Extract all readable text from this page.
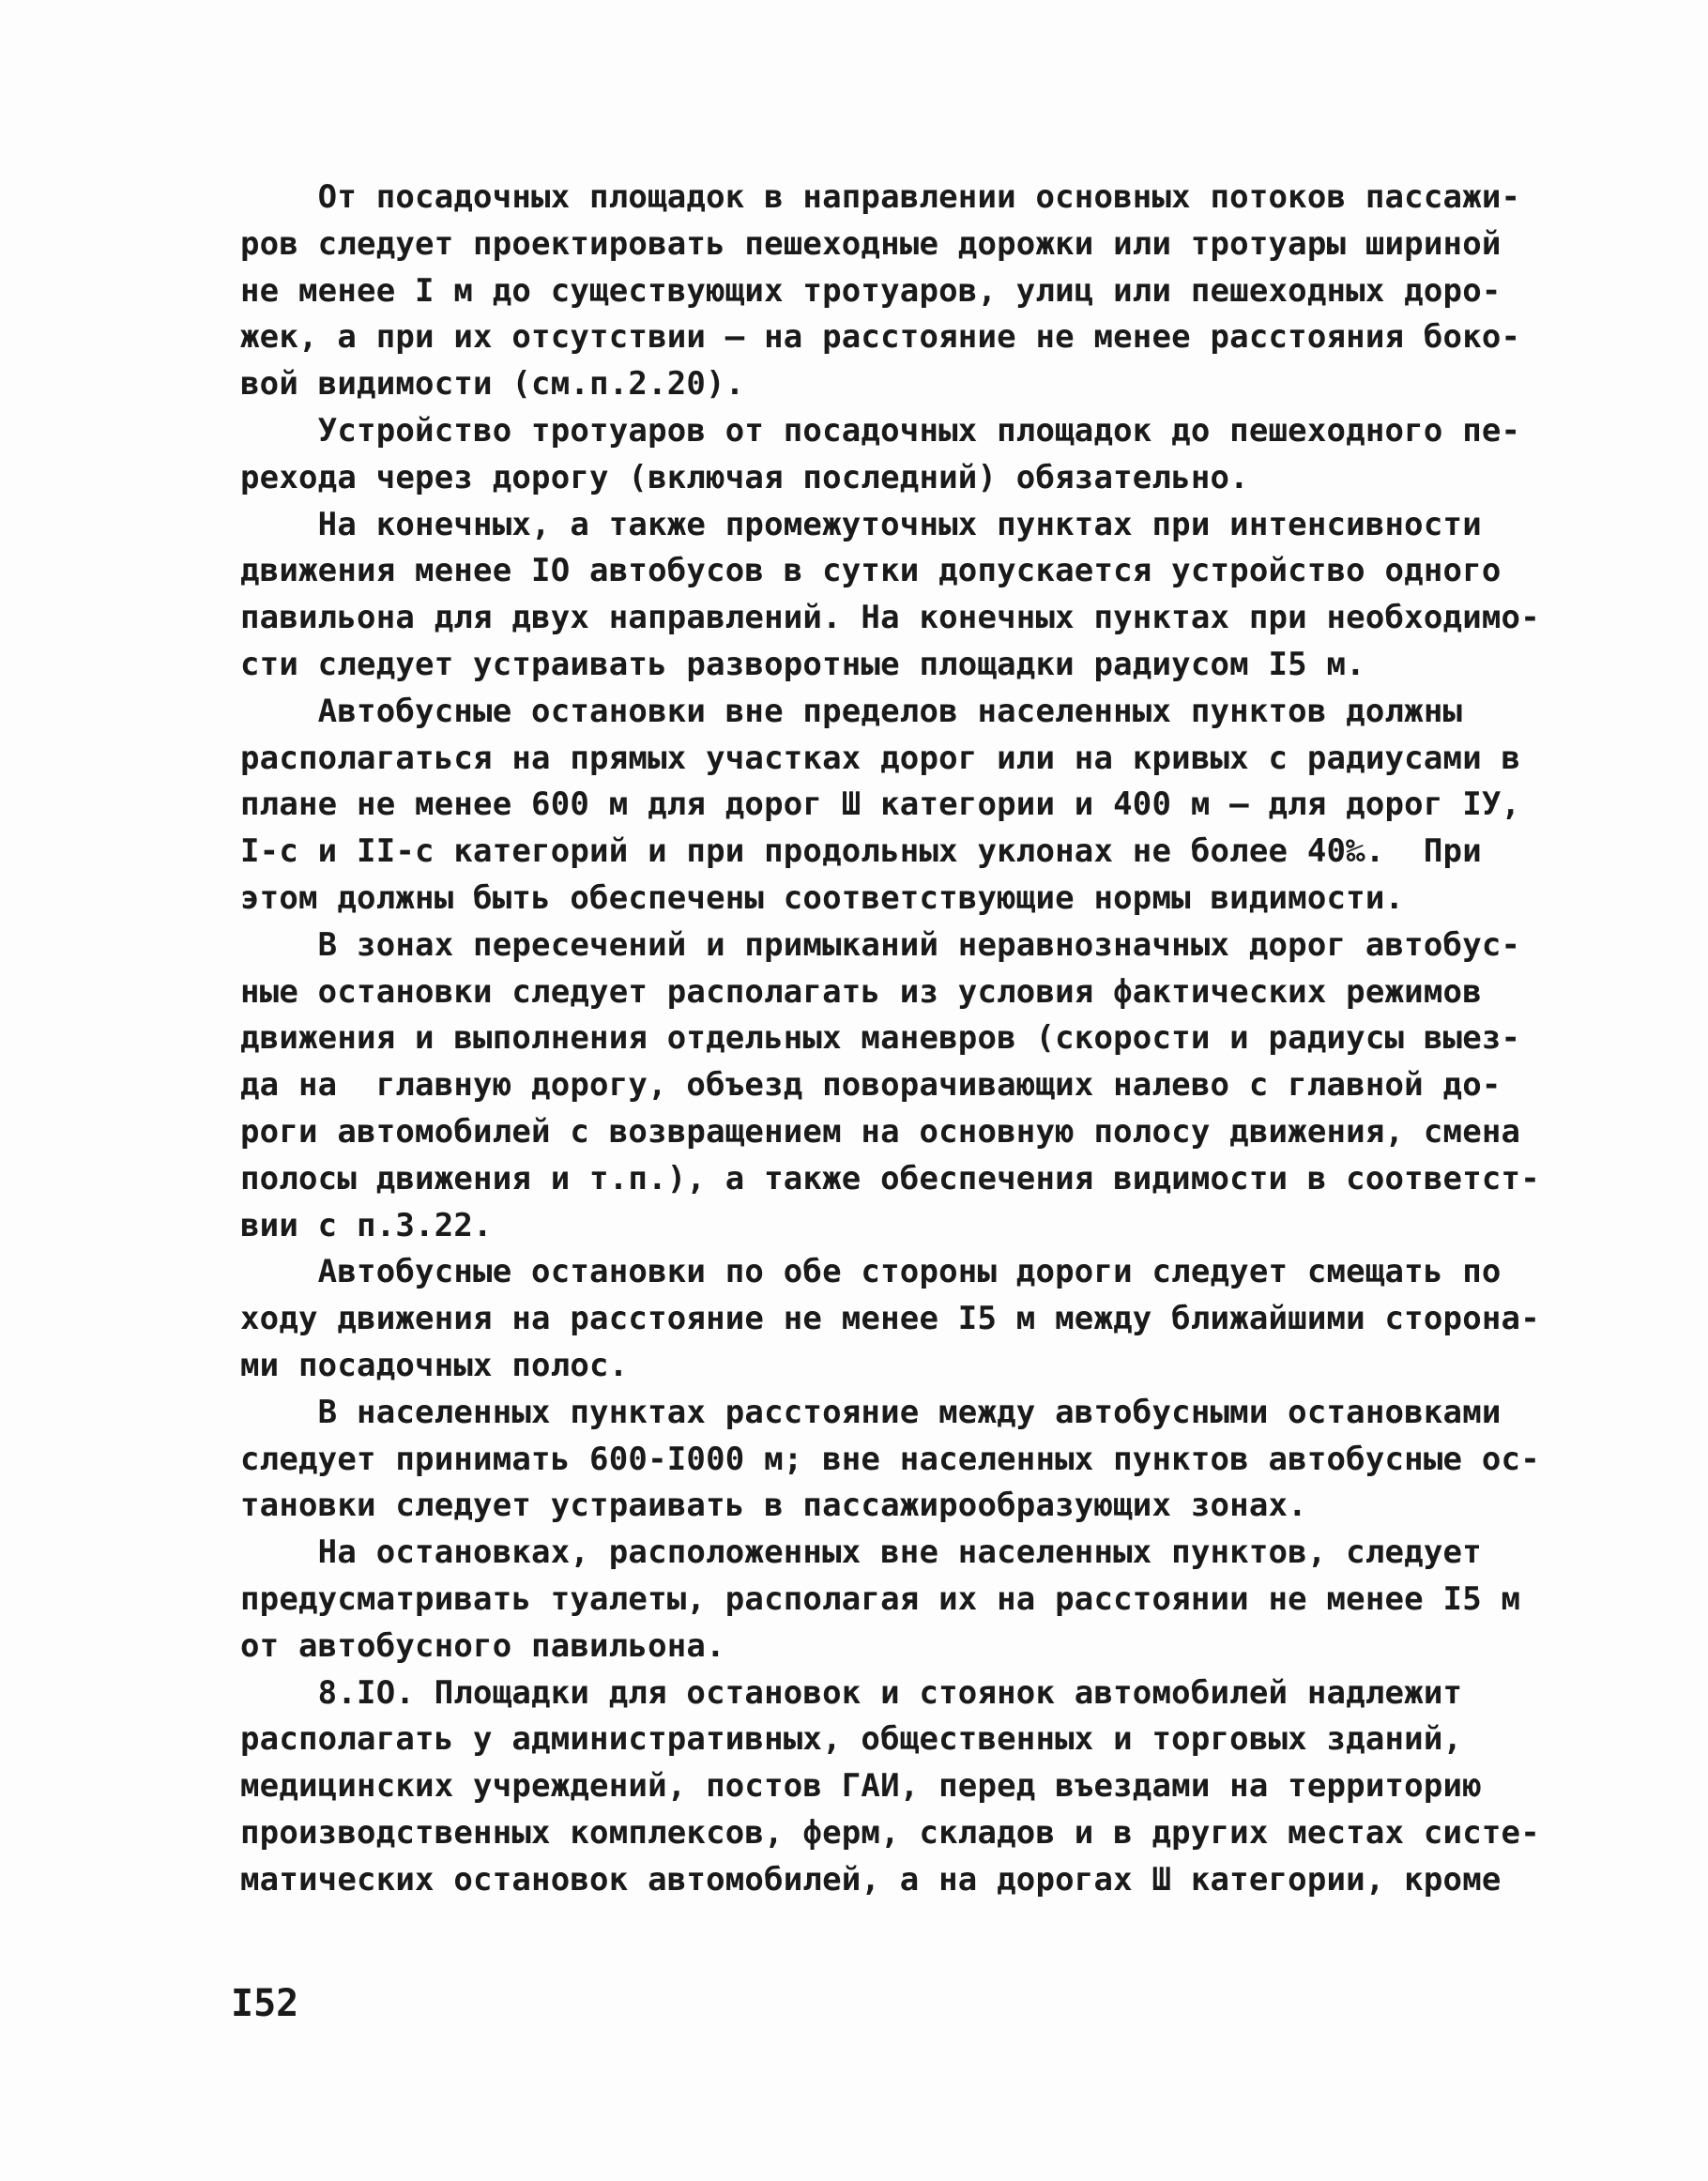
От посадочных площадок в направлении основных потоков пассажи-
ров следует проектировать пешеходные дорожки или тротуары шириной
не менее I м до существующих тротуаров, улиц или пешеходных доро-
жек, а при их отсутствии – на расстояние не менее расстояния боко-
вой видимости (см.п.2.20).
Устройство тротуаров от посадочных площадок до пешеходного пе-
рехода через дорогу (включая последний) обязательно.
На конечных, а также промежуточных пунктах при интенсивности
движения менее IO автобусов в сутки допускается устройство одного
павильона для двух направлений. На конечных пунктах при необходимо-
сти следует устраивать разворотные площадки радиусом I5 м.
Автобусные остановки вне пределов населенных пунктов должны
располагаться на прямых участках дорог или на кривых с радиусами в
плане не менее 600 м для дорог Ш категории и 400 м – для дорог IУ,
I-с и II-с категорий и при продольных уклонах не более 40‰.  При
этом должны быть обеспечены соответствующие нормы видимости.
В зонах пересечений и примыканий неравнозначных дорог автобус-
ные остановки следует располагать из условия фактических режимов
движения и выполнения отдельных маневров (скорости и радиусы выез-
да на  главную дорогу, объезд поворачивающих налево с главной до-
роги автомобилей с возвращением на основную полосу движения, смена
полосы движения и т.п.), а также обеспечения видимости в соответст-
вии с п.3.22.
Автобусные остановки по обе стороны дороги следует смещать по
ходу движения на расстояние не менее I5 м между ближайшими сторона-
ми посадочных полос.
В населенных пунктах расстояние между автобусными остановками
следует принимать 600-I000 м; вне населенных пунктов автобусные ос-
тановки следует устраивать в пассажирообразующих зонах.
На остановках, расположенных вне населенных пунктов, следует
предусматривать туалеты, располагая их на расстоянии не менее I5 м
от автобусного павильона.
8.IO. Площадки для остановок и стоянок автомобилей надлежит
располагать у административных, общественных и торговых зданий,
медицинских учреждений, постов ГАИ, перед въездами на территорию
производственных комплексов, ферм, складов и в других местах систе-
матических остановок автомобилей, а на дорогах Ш категории, кроме
I52
